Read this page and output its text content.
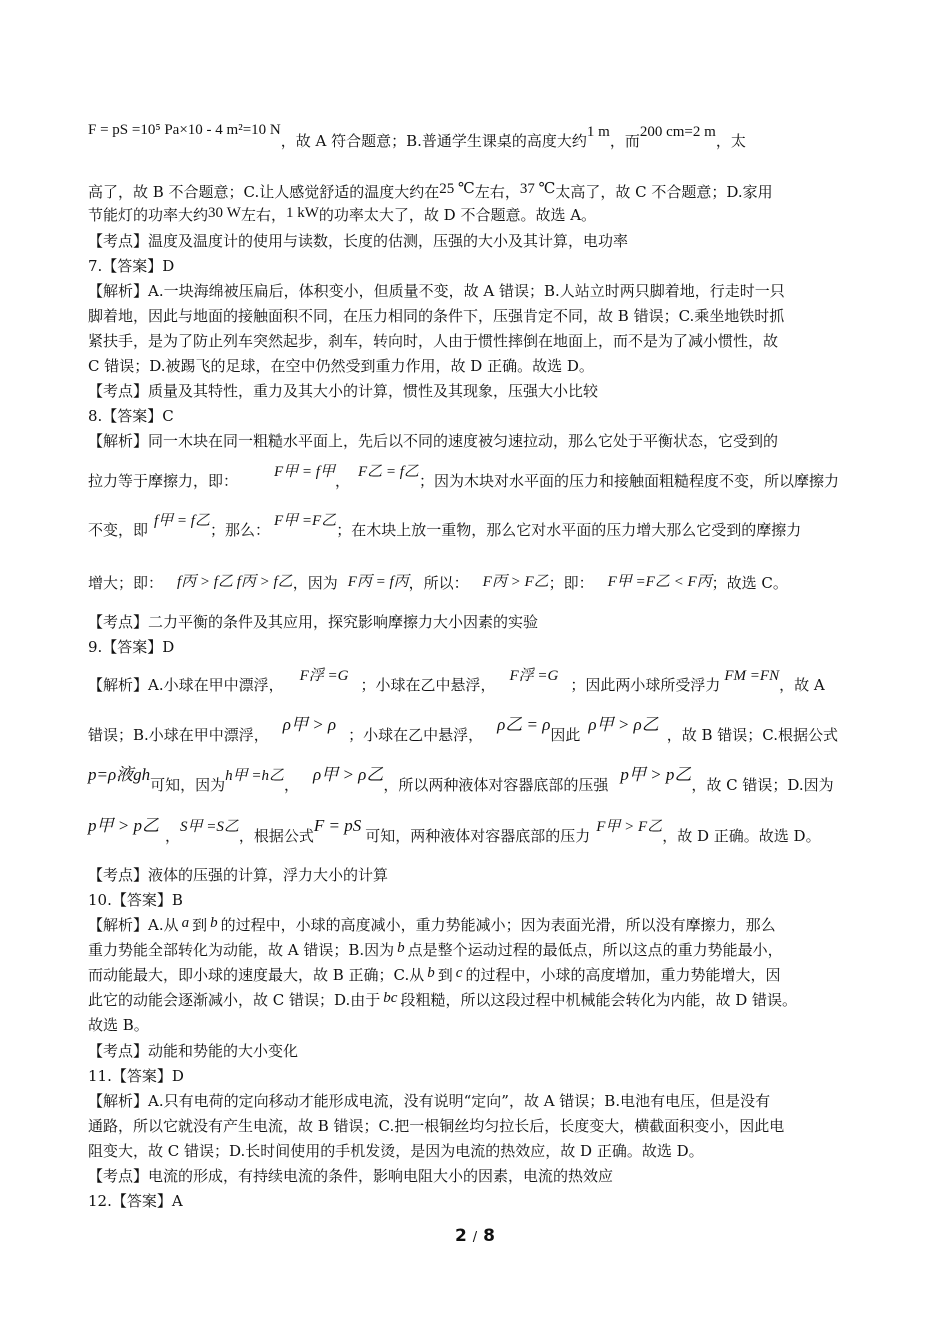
F = pS =10⁵ Pa×10 - 4 m²=10 N，故 A 符合题意；B.普通学生课桌的高度大约1 m，而200 cm=2 m，太
高了，故 B 不合题意；C.让人感觉舒适的温度大约在25 ℃左右，37 ℃太高了，故 C 不合题意；D.家用
节能灯的功率大约30 W左右，1 kW的功率太大了，故 D 不合题意。故选 A。
【考点】温度及温度计的使用与读数，长度的估测，压强的大小及其计算，电功率
7.【答案】D
【解析】A.一块海绵被压扁后，体积变小，但质量不变，故 A 错误；B.人站立时两只脚着地，行走时一只
脚着地，因此与地面的接触面积不同，在压力相同的条件下，压强肯定不同，故 B 错误；C.乘坐地铁时抓
紧扶手，是为了防止列车突然起步，刹车，转向时，人由于惯性摔倒在地面上，而不是为了减小惯性，故
C 错误；D.被踢飞的足球，在空中仍然受到重力作用，故 D 正确。故选 D。
【考点】质量及其特性，重力及其大小的计算，惯性及其现象，压强大小比较
8.【答案】C
【解析】同一木块在同一粗糙水平面上，先后以不同的速度被匀速拉动，那么它处于平衡状态，它受到的
拉力等于摩擦力，即： F甲 = f甲， F乙 = f乙；因为木块对水平面的压力和接触面粗糙程度不变，所以摩擦力
不变，即 f甲 = f乙；那么： F甲 =F乙；在木块上放一重物，那么它对水平面的压力增大那么它受到的摩擦力
增大；即： f丙 > f乙 f丙 > f乙，因为 F丙 = f丙，所以： F丙 > F乙；即： F甲 =F乙 < F丙；故选 C。
【考点】二力平衡的条件及其应用，探究影响摩擦力大小因素的实验
9.【答案】D
【解析】A.小球在甲中漂浮， F浮 =G ；小球在乙中悬浮， F浮 =G ；因此两小球所受浮力 FM =FN，故 A
错误；B.小球在甲中漂浮，ρ甲 > ρ；小球在乙中悬浮，ρ乙 = ρ因此ρ甲 > ρ乙，故 B 错误；C.根据公式
p=ρ液gh可知，因为h甲 =h乙，ρ甲 > ρ乙，所以两种液体对容器底部的压强p甲 > p乙，故 C 错误；D.因为
p甲 > p乙，S甲 =S乙，根据公式F = pS可知，两种液体对容器底部的压力 F甲 > F乙，故 D 正确。故选 D。
【考点】液体的压强的计算，浮力大小的计算
10.【答案】B
【解析】A.从 a 到 b 的过程中，小球的高度减小，重力势能减小；因为表面光滑，所以没有摩擦力，那么
重力势能全部转化为动能，故 A 错误；B.因为 b 点是整个运动过程的最低点，所以这点的重力势能最小，
而动能最大，即小球的速度最大，故 B 正确；C.从 b 到 c 的过程中，小球的高度增加，重力势能增大，因
此它的动能会逐渐减小，故 C 错误；D.由于 bc 段粗糙，所以这段过程中机械能会转化为内能，故 D 错误。
故选 B。
【考点】动能和势能的大小变化
11.【答案】D
【解析】A.只有电荷的定向移动才能形成电流，没有说明“定向”，故 A 错误；B.电池有电压，但是没有
通路，所以它就没有产生电流，故 B 错误；C.把一根铜丝均匀拉长后，长度变大，横截面积变小，因此电
阻变大，故 C 错误；D.长时间使用的手机发烫，是因为电流的热效应，故 D 正确。故选 D。
【考点】电流的形成，有持续电流的条件，影响电阻大小的因素，电流的热效应
12.【答案】A
2 / 8
